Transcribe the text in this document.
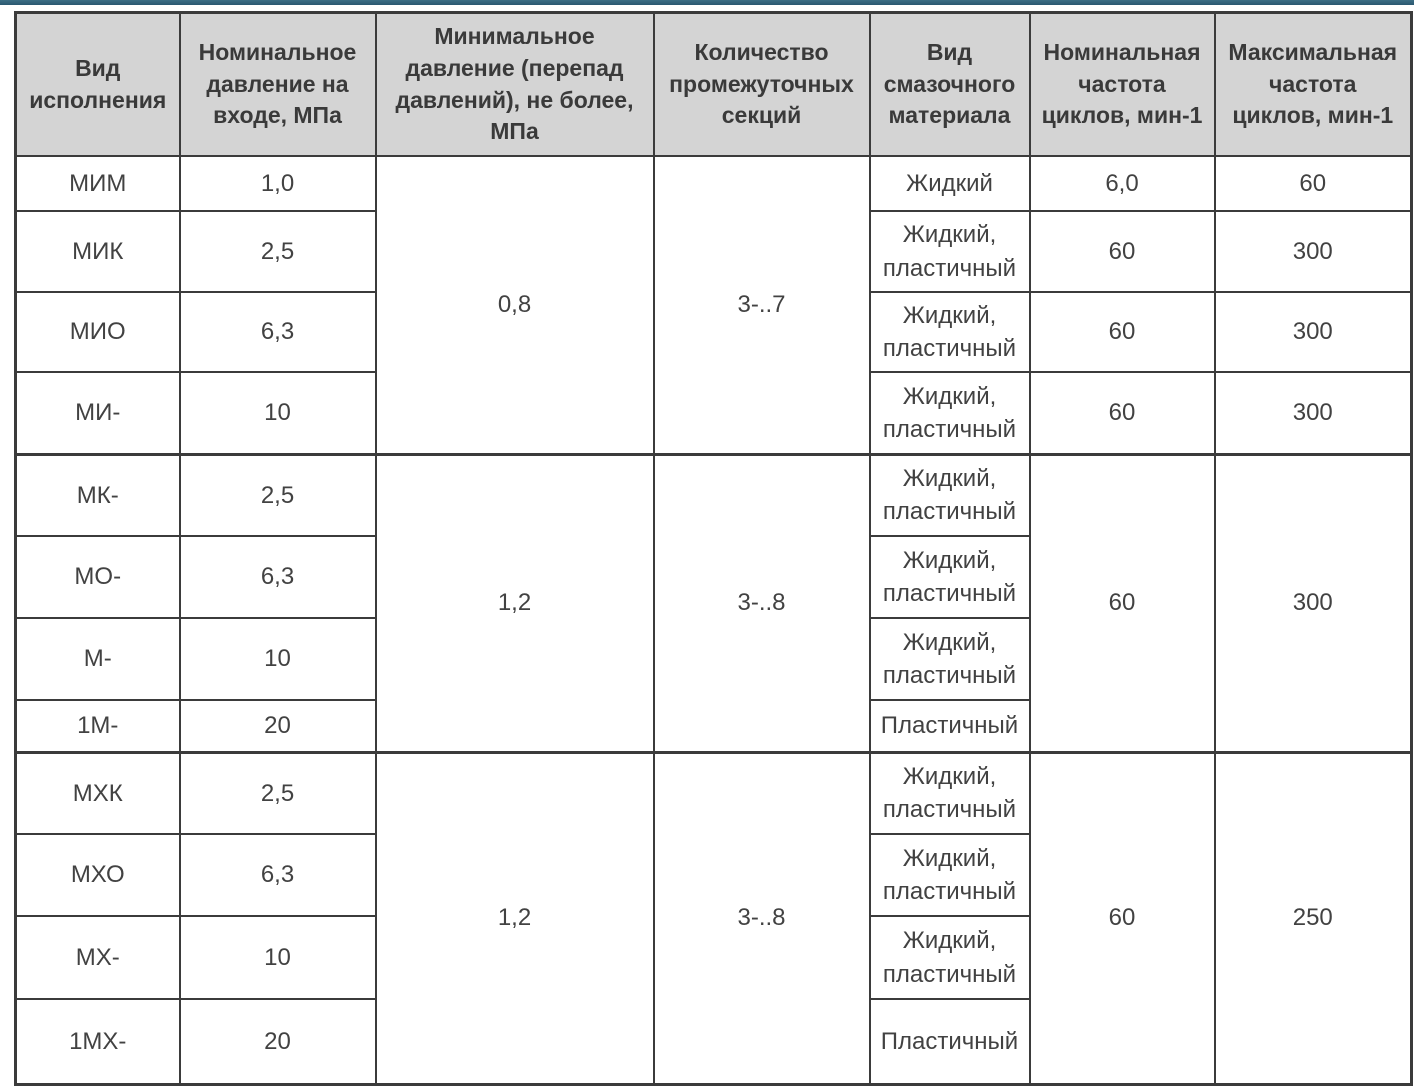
Вид исполнения	Номинальное давление на входе, МПа	Минимальное давление (перепад давлений), не более, МПа	Количество промежуточных секций	Вид смазочного материала	Номинальная частота циклов, мин-1	Максимальная частота циклов, мин-1
МИМ	1,0	0,8	3-..7	Жидкий	6,0	60
МИК	2,5			Жидкий, пластичный	60	300
МИО	6,3			Жидкий, пластичный	60	300
МИ-	10			Жидкий, пластичный	60	300
МК-	2,5	1,2	3-..8	Жидкий, пластичный	60	300
МО-	6,3			Жидкий, пластичный		
М-	10			Жидкий, пластичный		
1М-	20			Пластичный		
МХК	2,5	1,2	3-..8	Жидкий, пластичный	60	250
МХО	6,3			Жидкий, пластичный		
МХ-	10			Жидкий, пластичный		
1МХ-	20			Пластичный		
